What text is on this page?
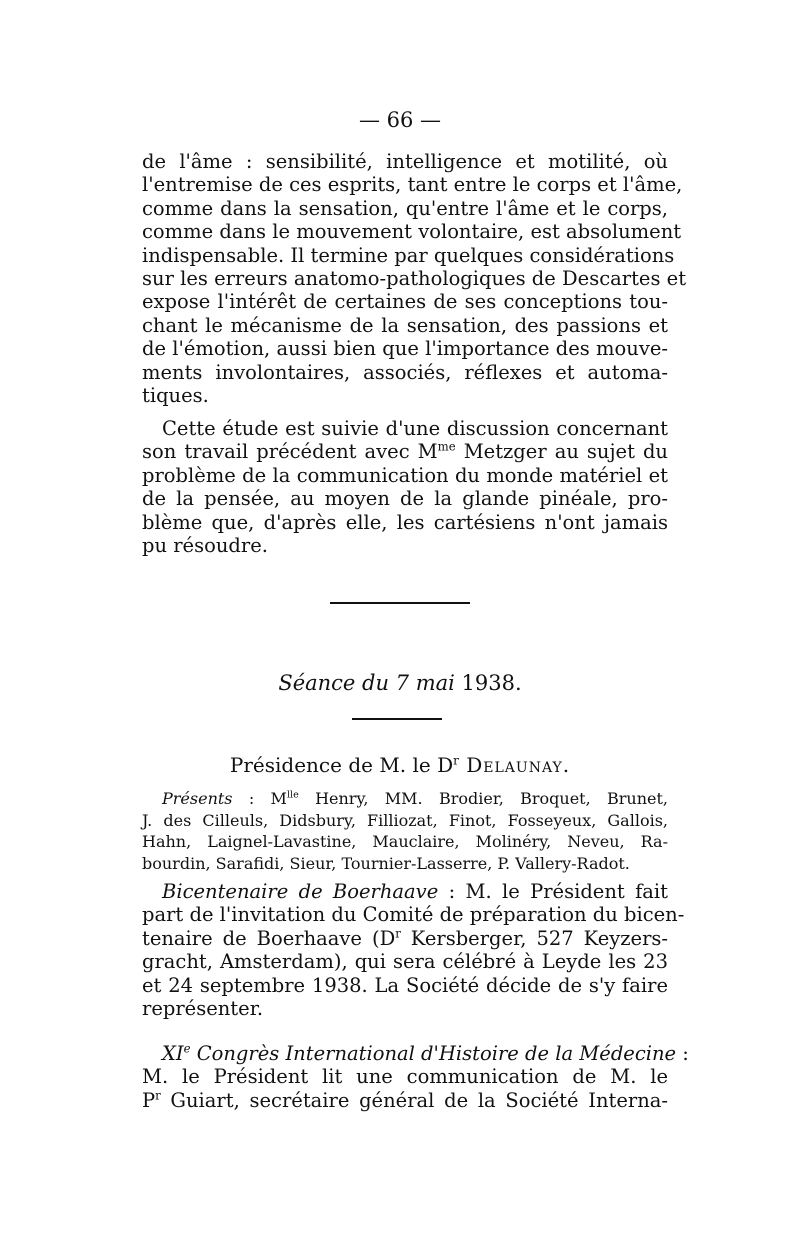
— 66 —
de l'âme : sensibilité, intelligence et motilité, où
l'entremise de ces esprits, tant entre le corps et l'âme,
comme dans la sensation, qu'entre l'âme et le corps,
comme dans le mouvement volontaire, est absolument
indispensable. Il termine par quelques considérations
sur les erreurs anatomo-pathologiques de Descartes et
expose l'intérêt de certaines de ses conceptions tou-
chant le mécanisme de la sensation, des passions et
de l'émotion, aussi bien que l'importance des mouve-
ments involontaires, associés, réflexes et automa-
tiques.
Cette étude est suivie d'une discussion concernant
son travail précédent avec $M^{me}$ Metzger au sujet du
problème de la communication du monde matériel et
de la pensée, au moyen de la glande pinéale, pro-
blème que, d'après elle, les cartésiens n'ont jamais
pu résoudre.
Séance du 7 mai 1938.
Présidence de M. le $D^r$ Delaunay.
Présents : $M^{lle}$ Henry, MM. Brodier, Broquet, Brunet,
J. des Cilleuls, Didsbury, Filliozat, Finot, Fosseyeux, Gallois,
Hahn, Laignel-Lavastine, Mauclaire, Molinéry, Neveu, Ra-
bourdin, Sarafidi, Sieur, Tournier-Lasserre, P. Vallery-Radot.
Bicentenaire de Boerhaave : M. le Président fait
part de l'invitation du Comité de préparation du bicen-
tenaire de Boerhaave ($D^r$ Kersberger, 527 Keyzers-
gracht, Amsterdam), qui sera célébré à Leyde les 23
et 24 septembre 1938. La Société décide de s'y faire
représenter.
XIe Congrès International d'Histoire de la Médecine :
M. le Président lit une communication de M. le
$P^r$ Guiart, secrétaire général de la Société Interna-
